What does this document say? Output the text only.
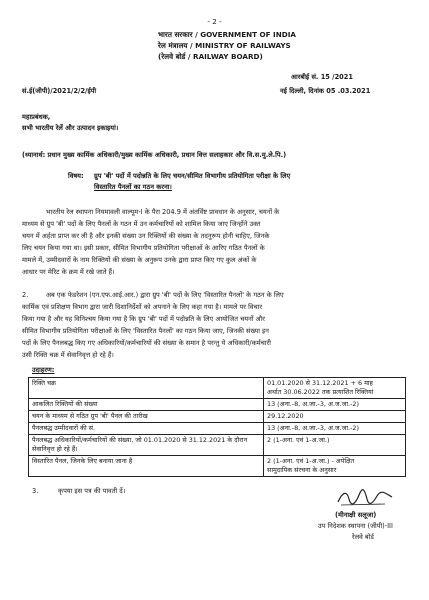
- 2 -
भारत सरकार / GOVERNMENT OF INDIA
रेल मंत्रालय / MINISTRY OF RAILWAYS
(रेलवे बोर्ड / RAILWAY BOARD)
आरबीई सं. 15 /2021
सं.ई(जीपी)/2021/2/2/ईपी	नई दिल्ली, दिनांक 05 .03.2021
महाप्रबंधक,
सभी भारतीय रेलें और उत्पादन इकाइयां।
(ध्यानार्थ: प्रधान मुख्य कार्मिक अधिकारी/मुख्य कार्मिक अधिकारी, प्रधान वित्त सलाहकार और वि.स.मु.ले.पि.)
विषय: ग्रुप 'बी' पदों में पदोन्नति के लिए चयन/सीमित विभागीय प्रतियोगिता परीक्षा के लिए
विस्तारित पैनलों का गठन करना।
भारतीय रेल स्थापना नियमावली वाल्यूम-I के पैरा 204.9 में अंतर्विष्ट प्रावधान के अनुसार, चयनों के
माध्यम से ग्रुप 'बी' पदों के लिए पैनलों के गठन में उन कर्मचारियों को शामिल किया जाए जिन्होंने उक्त
चयन में अर्हता प्राप्त कर ली है और इनकी संख्या उन रिक्तियों की संख्या के तदनुरूप होनी चाहिए, जिनके
लिए चयन किया गया था। इसी प्रकार, सीमित विभागीय प्रतियोगिता परीक्षाओं के आरिए गठित पैनलों के
मामले में, उम्मीदवारों के नाम रिक्तियों की संख्या के अनुरूप उनके द्वारा प्राप्त किए गए कुल अंकों के
आधार पर मेरिट के क्रम में रखे जाते हैं।
2.	अब एक फेडरेशन (एन.एफ.आई.आर.) द्वारा ग्रुप 'बी' पदों के लिए 'विस्तारित पैनलों' के गठन के लिए
कार्मिक एवं प्रशिक्षण विभाग द्वारा जारी दिशानिर्देशों को अपनाने के लिए कहा गया है। मामले पर विचार
किया गया है और यह विनिश्चय किया गया है कि ग्रुप 'बी' पदों में पदोन्नति के लिए आयोजित चयनों और
सीमित विभागीय प्रतियोगिता परीक्षाओं के लिए 'विस्तारित पैनलों' का गठन किया जाए, जिनकी संख्या इन
पदों के लिए पैनलबद्ध किए गए अधिकारियों/कर्मचारियों की संख्या के समान है परन्तु ये अधिकारी/कर्मचारी
उसी रिक्ति चक्र में सेवानिवृत्त हो रहे हैं।
उदाहरण:
रिक्ति चक्र	01.01.2020 से 31.12.2021 + 6 माह
अर्थात 30.06.2022 तक प्रत्याशित रिक्तियां

आकलित रिक्तियों की संख्या	13 (अना.-8, अ.जा.-3, अ.ज.जा.-2)

चयन के माध्यम से गठित ग्रुप 'बी' पैनल की तारीख	29.12.2020

पैनलबद्ध उम्मीदवारों की सं.	13 (अना.-8, अ.जा.-3, अ.ज.जा.-2)

पैनलबद्ध अधिकारियों/कर्मचारियों की संख्या, जो 01.01.2020 से 31.12.2021 के दौरान सेवानिवृत्त हो रहे हैं।	2 (1-अना. एवं 1-अ.जा.)

विस्तारित पैनल, जिनके लिए बनाया जाना है	2 (1-अना. एवं 1-अ.जा.) - अपेक्षित
सामुदायिक संरचना के अनुसार
3.	कृपया इस पत्र की पावती दें।
(मीनाक्षी सलूजा)
उप निदेशक स्थापना (जीपी)-III
रेलवे बोर्ड
